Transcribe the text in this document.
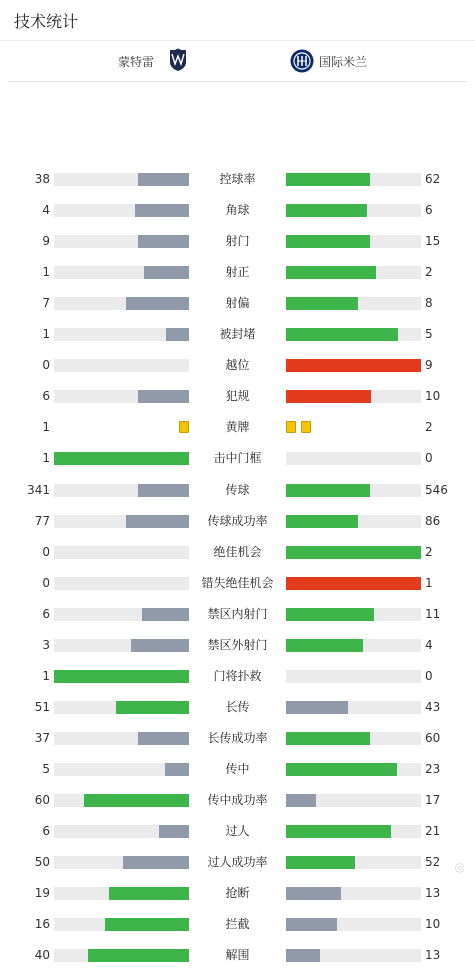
技术统计
蒙特雷	国际米兰
38	控球率	62
4	角球	6
9	射门	15
1	射正	2
7	射偏	8
1	被封堵	5
0	越位	9
6	犯规	10
1	黄牌	2
1	击中门框	0
341	传球	546
77	传球成功率	86
0	绝佳机会	2
0	错失绝佳机会	1
6	禁区内射门	11
3	禁区外射门	4
1	门将扑救	0
51	长传	43
37	长传成功率	60
5	传中	23
60	传中成功率	17
6	过人	21
50	过人成功率	52
19	抢断	13
16	拦截	10
40	解围	13 ◎
